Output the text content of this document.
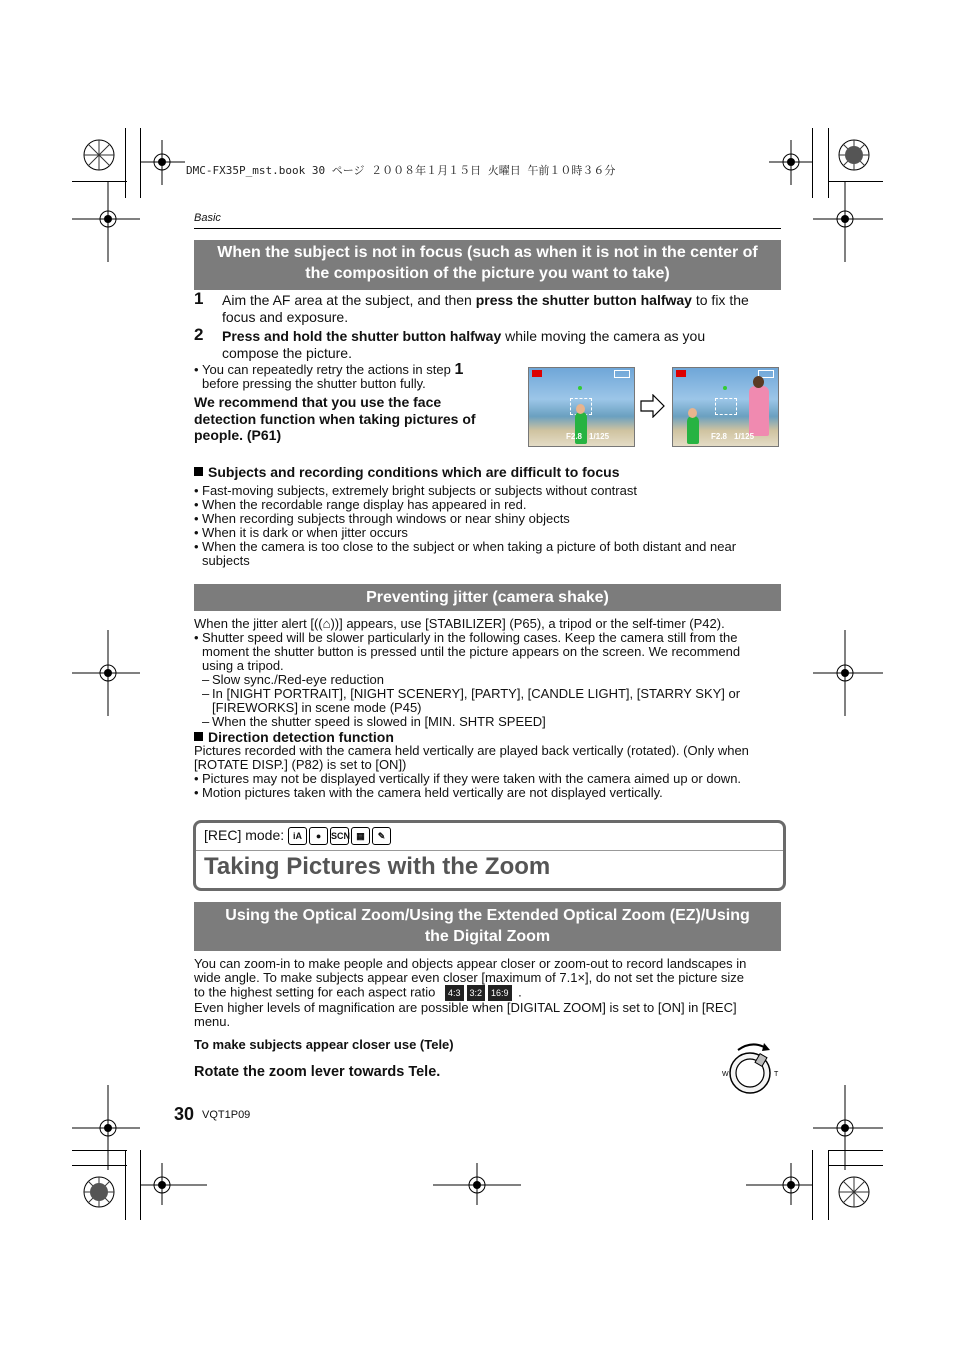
DMC-FX35P_mst.book 30 ページ ２００８年１月１５日 火曜日 午前１０時３６分
Basic
When the subject is not in focus (such as when it is not in the center of
the composition of the picture you want to take)
1 Aim the AF area at the subject, and then press the shutter button halfway to fix the
focus and exposure.
2 Press and hold the shutter button halfway while moving the camera as you
compose the picture.
• You can repeatedly retry the actions in step 1
before pressing the shutter button fully.
We recommend that you use the face
detection function when taking pictures of
people. (P61)	F2.8 1/125	F2.8 1/125
Subjects and recording conditions which are difficult to focus
• Fast-moving subjects, extremely bright subjects or subjects without contrast
• When the recordable range display has appeared in red.
• When recording subjects through windows or near shiny objects
• When it is dark or when jitter occurs
• When the camera is too close to the subject or when taking a picture of both distant and near
subjects
Preventing jitter (camera shake)
When the jitter alert [((⌂))] appears, use [STABILIZER] (P65), a tripod or the self-timer (P42).
• Shutter speed will be slower particularly in the following cases. Keep the camera still from the
moment the shutter button is pressed until the picture appears on the screen. We recommend
using a tripod.
– Slow sync./Red-eye reduction
– In [NIGHT PORTRAIT], [NIGHT SCENERY], [PARTY], [CANDLE LIGHT], [STARRY SKY] or
[FIREWORKS] in scene mode (P45)
– When the shutter speed is slowed in [MIN. SHTR SPEED]
Direction detection function
Pictures recorded with the camera held vertically are played back vertically (rotated). (Only when
[ROTATE DISP.] (P82) is set to [ON])
• Pictures may not be displayed vertically if they were taken with the camera aimed up or down.
• Motion pictures taken with the camera held vertically are not displayed vertically.
[REC] mode: iA ● SCN ▦ ✎
Taking Pictures with the Zoom
Using the Optical Zoom/Using the Extended Optical Zoom (EZ)/Using
the Digital Zoom
You can zoom-in to make people and objects appear closer or zoom-out to record landscapes in
wide angle. To make subjects appear even closer [maximum of 7.1×], do not set the picture size
to the highest setting for each aspect ratio 4:3 3:2 16:9 .
Even higher levels of magnification are possible when [DIGITAL ZOOM] is set to [ON] in [REC]
menu.
To make subjects appear closer use (Tele)
Rotate the zoom lever towards Tele.	W	T
30 VQT1P09
